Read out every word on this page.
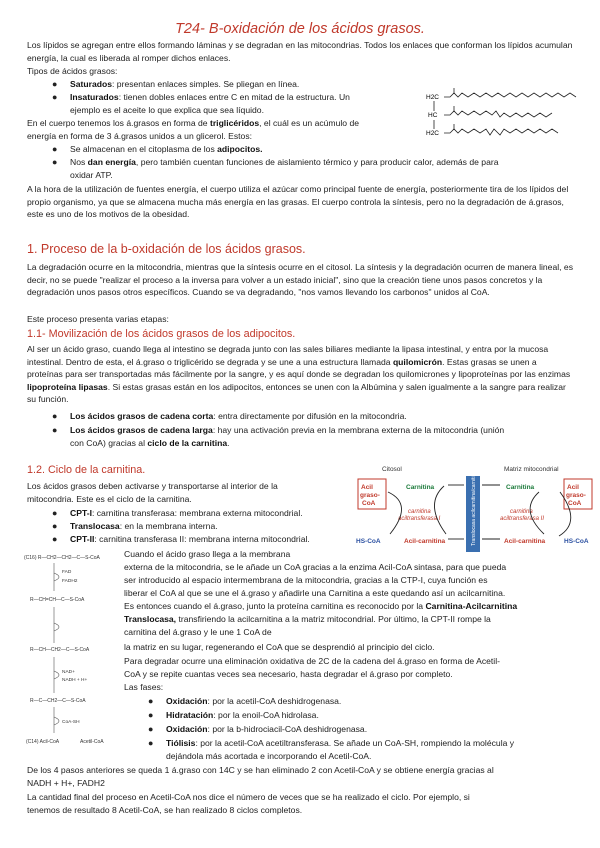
T24- B-oxidación de los ácidos grasos.

Los lípidos se agregan entre ellos formando láminas y se degradan en las mitocondrias. Todos los enlaces que conforman los lípidos acumulan energía, la cual es liberada al romper dichos enlaces.

Tipos de ácidos grasos:

● Saturados: presentan enlaces simples. Se pliegan en línea.

● Insaturados: tienen dobles enlaces entre C en mitad de la estructura. Un

ejemplo es el aceite lo que explica que sea líquido.

En el cuerpo tenemos los á.grasos en forma de triglicéridos, el cuál es un acúmulo de

energía en forma de 3 á.grasos unidos a un glicerol. Estos:

● Se almacenan en el citoplasma de los adipocitos.

● Nos dan energía, pero también cuentan funciones de aislamiento térmico y para producir calor, además de para

oxidar ATP.

A la hora de la utilización de fuentes energía, el cuerpo utiliza el azúcar como principal fuente de energía, posteriormente tira de los lípidos del propio organismo, ya que se almacena mucha más energía en las grasas. El cuerpo controla la síntesis, pero no la degradación de á.grasos, este es uno de los motivos de la obesidad.

H2C
HC
H2C
1. Proceso de la b-oxidación de los ácidos grasos.

La degradación ocurre en la mitocondria, mientras que la síntesis ocurre en el citosol. La síntesis y la degradación ocurren de manera lineal, es decir, no se puede "realizar el proceso a la inversa para volver a un estado inicial", sino que la creación tiene unos pasos concretos y la degradación unos pasos otros específicos. Cuando se va degradando, "nos vamos llevando los carbonos" unidos al CoA.

Este proceso presenta varias etapas:

1.1- Movilización de los ácidos grasos de los adipocitos.

Al ser un ácido graso, cuando llega al intestino se degrada junto con las sales biliares mediante la lipasa intestinal, y entra por la mucosa intestinal. Dentro de esta, el á.graso o triglicérido se degrada y se une a una estructura llamada quilomicrón. Estas grasas se unen a proteínas para ser transportadas más fácilmente por la sangre, y es aquí donde se degradan los quilomicrones y lipoproteínas por las enzimas lipoproteína lipasas. Si estas grasas están en los adipocitos, entonces se unen con la Albúmina y salen igualmente a la sangre para realizar su función.

● Los ácidos grasos de cadena corta: entra directamente por difusión en la mitocondria.

● Los ácidos grasos de cadena larga: hay una activación previa en la membrana externa de la mitocondria (unión

con CoA) gracias al ciclo de la carnitina.

1.2. Ciclo de la carnitina.

Los ácidos grasos deben activarse y transportarse al interior de la

mitocondria. Este es el ciclo de la carnitina.

● CPT-I: carnitina transferasa: membrana externa mitocondrial.

● Translocasa: en la membrana interna.

● CPT-II: carnitina transferasa II: membrana interna mitocondrial.

Citosol	Matriz mitocondrial
Acil
graso-
CoA
Carnitina
carnitina
aciltransferasa I
HS-CoA	Acil-carnitina	Translocasa acilcarnitina/carnitina	Carnitina
carnitina
aciltransferasa II
Acil-carnitina
Acil
graso-
CoA
HS-CoA
(C16) R—CH2—CH2—C—S-CoA
FAD
FADH2
R—CH=CH—C—S-CoA
R—CH—CH2—C—S-CoA
NAD+
NADH + H+
R—C—CH2—C—S-CoA
CoA-SH
(C14) Acil-CoA	Acetil-CoA

Cuando el ácido graso llega a la membrana

externa de la mitocondria, se le añade un CoA gracias a la enzima Acil-CoA sintasa, para que pueda

ser introducido al espacio intermembrana de la mitocondria, gracias a la CTP-I, cuya función es

liberar el CoA al que se une el á.graso y añadirle una Carnitina a este quedando así un acilcarnitina.

Es entonces cuando el á.graso, junto la proteína carnitina es reconocido por la Carnitina-Acilcarnitina

Translocasa, transfiriendo la acilcarnitina a la matriz mitocondrial. Por último, la CPT-II rompe la

carnitina del á.graso y le une 1 CoA de

la matriz en su lugar, regenerando el CoA que se desprendió al principio del ciclo.

Para degradar ocurre una eliminación oxidativa de 2C de la cadena del á.graso en forma de Acetil-

CoA y se repite cuantas veces sea necesario, hasta degradar el á.graso por completo.

Las fases:

● Oxidación: por la acetil-CoA deshidrogenasa.

● Hidratación: por la enoil-CoA hidrolasa.

● Oxidación: por la b-hidrociacil-CoA deshidrogenasa.

● Tiólisis: por la acetil-CoA acetiltransferasa. Se añade un CoA-SH, rompiendo la molécula y

dejándola más acortada e incorporando el Acetil-CoA.

De los 4 pasos anteriores se queda 1 á.graso con 14C y se han eliminado 2 con Acetil-CoA y se obtiene energía gracias al

NADH + H+, FADH2

La cantidad final del proceso en Acetil-CoA nos dice el número de veces que se ha realizado el ciclo. Por ejemplo, si

tenemos de resultado 8 Acetil-CoA, se han realizado 8 ciclos completos.
